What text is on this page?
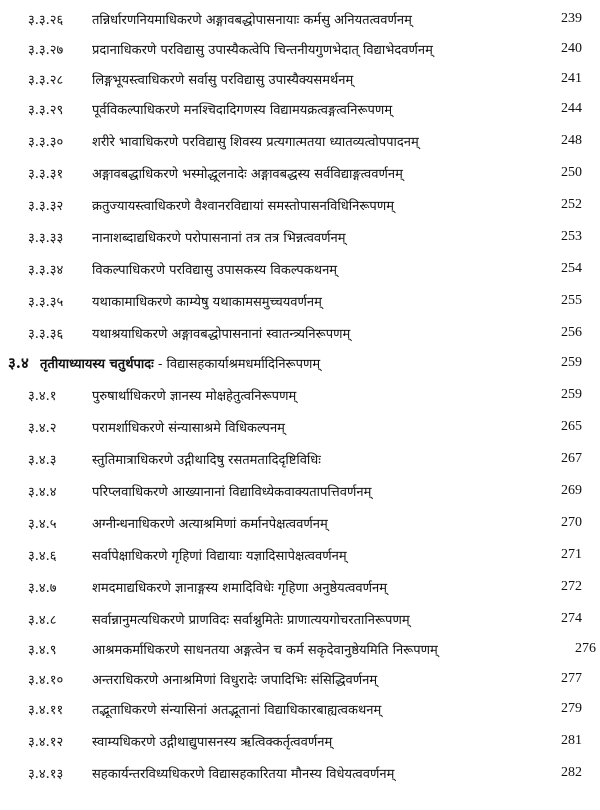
३.३.२६ तन्निर्धारणनियमाधिकरणे अङ्गावबद्धोपासनायाः कर्मसु अनियतत्ववर्णनम्	239
३.३.२७ प्रदानाधिकरणे परविद्यासु उपास्यैकत्वेपि चिन्तनीयगुणभेदात् विद्याभेदवर्णनम्	240
३.३.२८ लिङ्गभूयस्त्वाधिकरणे सर्वासु परविद्यासु उपास्यैक्यसमर्थनम्	241
३.३.२९ पूर्वविकल्पाधिकरणे मनश्चिदादिगणस्य विद्यामयक्रत्वङ्गत्वनिरूपणम्	244
३.३.३० शरीरे भावाधिकरणे परविद्यासु शिवस्य प्रत्यगात्मतया ध्यातव्यत्वोपपादनम्	248
३.३.३१ अङ्गावबद्धाधिकरणे भस्मोद्धूलनादेः अङ्गावबद्धस्य सर्वविद्याङ्गत्ववर्णनम्	250
३.३.३२ क्रतुज्यायस्त्वाधिकरणे वैश्वानरविद्यायां समस्तोपासनविधिनिरूपणम्	252
३.३.३३ नानाशब्दाद्यधिकरणे परोपासनानां तत्र तत्र भिन्नत्ववर्णनम्	253
३.३.३४ विकल्पाधिकरणे परविद्यासु उपासकस्य विकल्पकथनम्	254
३.३.३५ यथाकामाधिकरणे काम्येषु यथाकामसमुच्चयवर्णनम्	255
३.३.३६ यथाश्रयाधिकरणे अङ्गावबद्धोपासनानां स्वातन्त्र्यनिरूपणम्	256
३.४ तृतीयाध्यायस्य चतुर्थपादः - विद्यासहकार्याश्रमधर्मादिनिरूपणम्	259
३.४.१	पुरुषार्थाधिकरणे ज्ञानस्य मोक्षहेतुत्वनिरूपणम्	259
३.४.२	परामर्शाधिकरणे संन्यासाश्रमे विधिकल्पनम्	265
३.४.३	स्तुतिमात्राधिकरणे उद्गीथादिषु रसतमतादिदृष्टिविधिः	267
३.४.४	परिप्लवाधिकरणे आख्यानानां विद्याविध्येकवाक्यतापत्तिवर्णनम्	269
३.४.५	अग्नीन्धनाधिकरणे अत्याश्रमिणां कर्मानपेक्षत्ववर्णनम्	270
३.४.६	सर्वापेक्षाधिकरणे गृहिणां विद्यायाः यज्ञादिसापेक्षत्ववर्णनम्	271
३.४.७	शमदमाद्यधिकरणे ज्ञानाङ्गस्य शमादिविधेः गृहिणा अनुष्ठेयत्ववर्णनम्	272
३.४.८	सर्वान्नानुमत्यधिकरणे प्राणविदः सर्वाश्नुमितेः प्राणात्ययगोचरतानिरूपणम्	274
३.४.९	आश्रमकर्माधिकरणे साधनतया अङ्गत्वेन च कर्म सकृदेवानुष्ठेयमिति निरूपणम्	276
३.४.१० अन्तराधिकरणे अनाश्रमिणां विधुरादेः जपादिभिः संसिद्धिवर्णनम्	277
३.४.११ तद्भूताधिकरणे संन्यासिनां अतद्भूतानां विद्याधिकारबाह्यत्वकथनम्	279
३.४.१२ स्वाम्यधिकरणे उद्गीथाद्युपासनस्य ऋत्विक्कर्तृत्ववर्णनम्	281
३.४.१३ सहकार्यन्तरविध्यधिकरणे विद्यासहकारितया मौनस्य विधेयत्ववर्णनम्	282
